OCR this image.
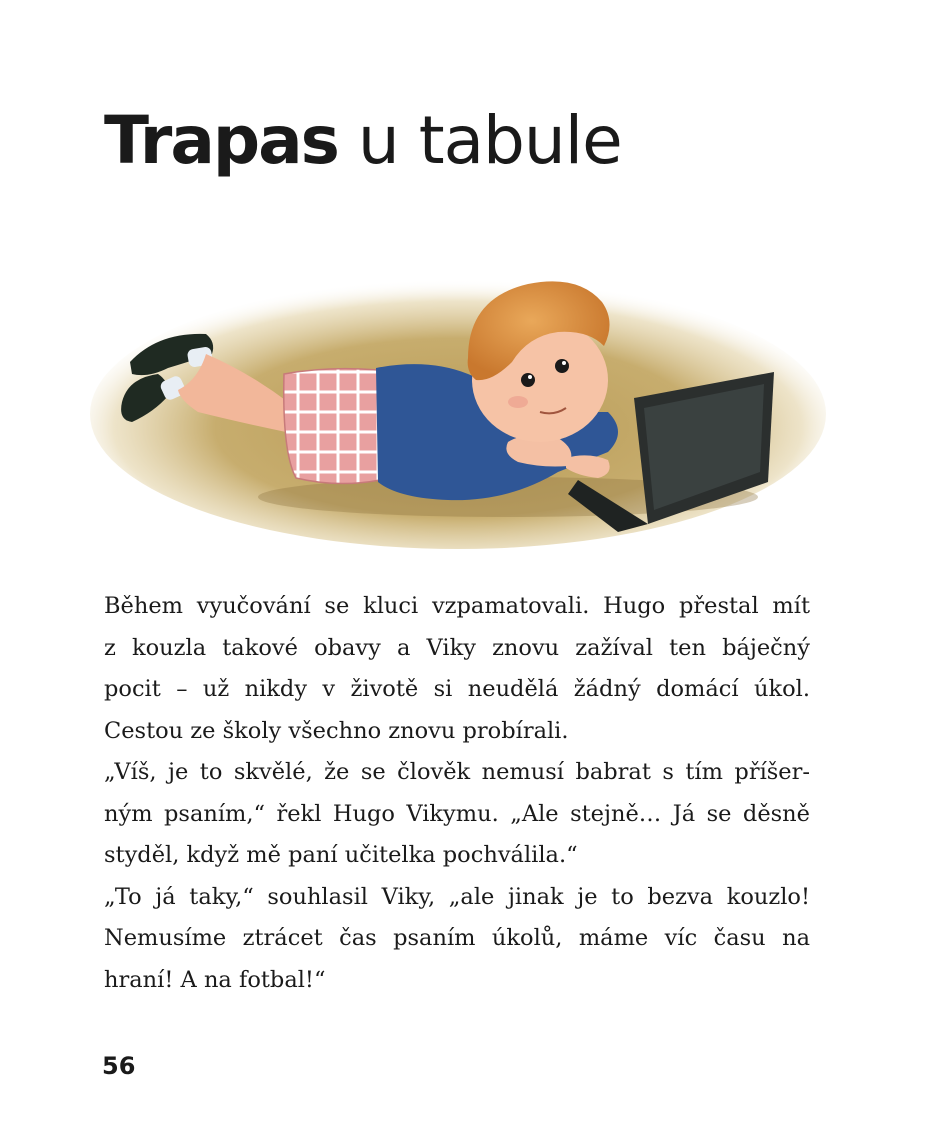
Trapas u tabule
Během vyučování se kluci vzpamatovali. Hugo přestal mít
z kouzla takové obavy a Viky znovu zažíval ten báječný
pocit – už nikdy v životě si neudělá žádný domácí úkol.
Cestou ze školy všechno znovu probírali.
„Víš, je to skvělé, že se člověk nemusí babrat s tím příšer-
ným psaním,“ řekl Hugo Vikymu. „Ale stejně… Já se děsně
styděl, když mě paní učitelka pochválila.“
„To já taky,“ souhlasil Viky, „ale jinak je to bezva kouzlo!
Nemusíme ztrácet čas psaním úkolů, máme víc času na
hraní! A na fotbal!“
56
